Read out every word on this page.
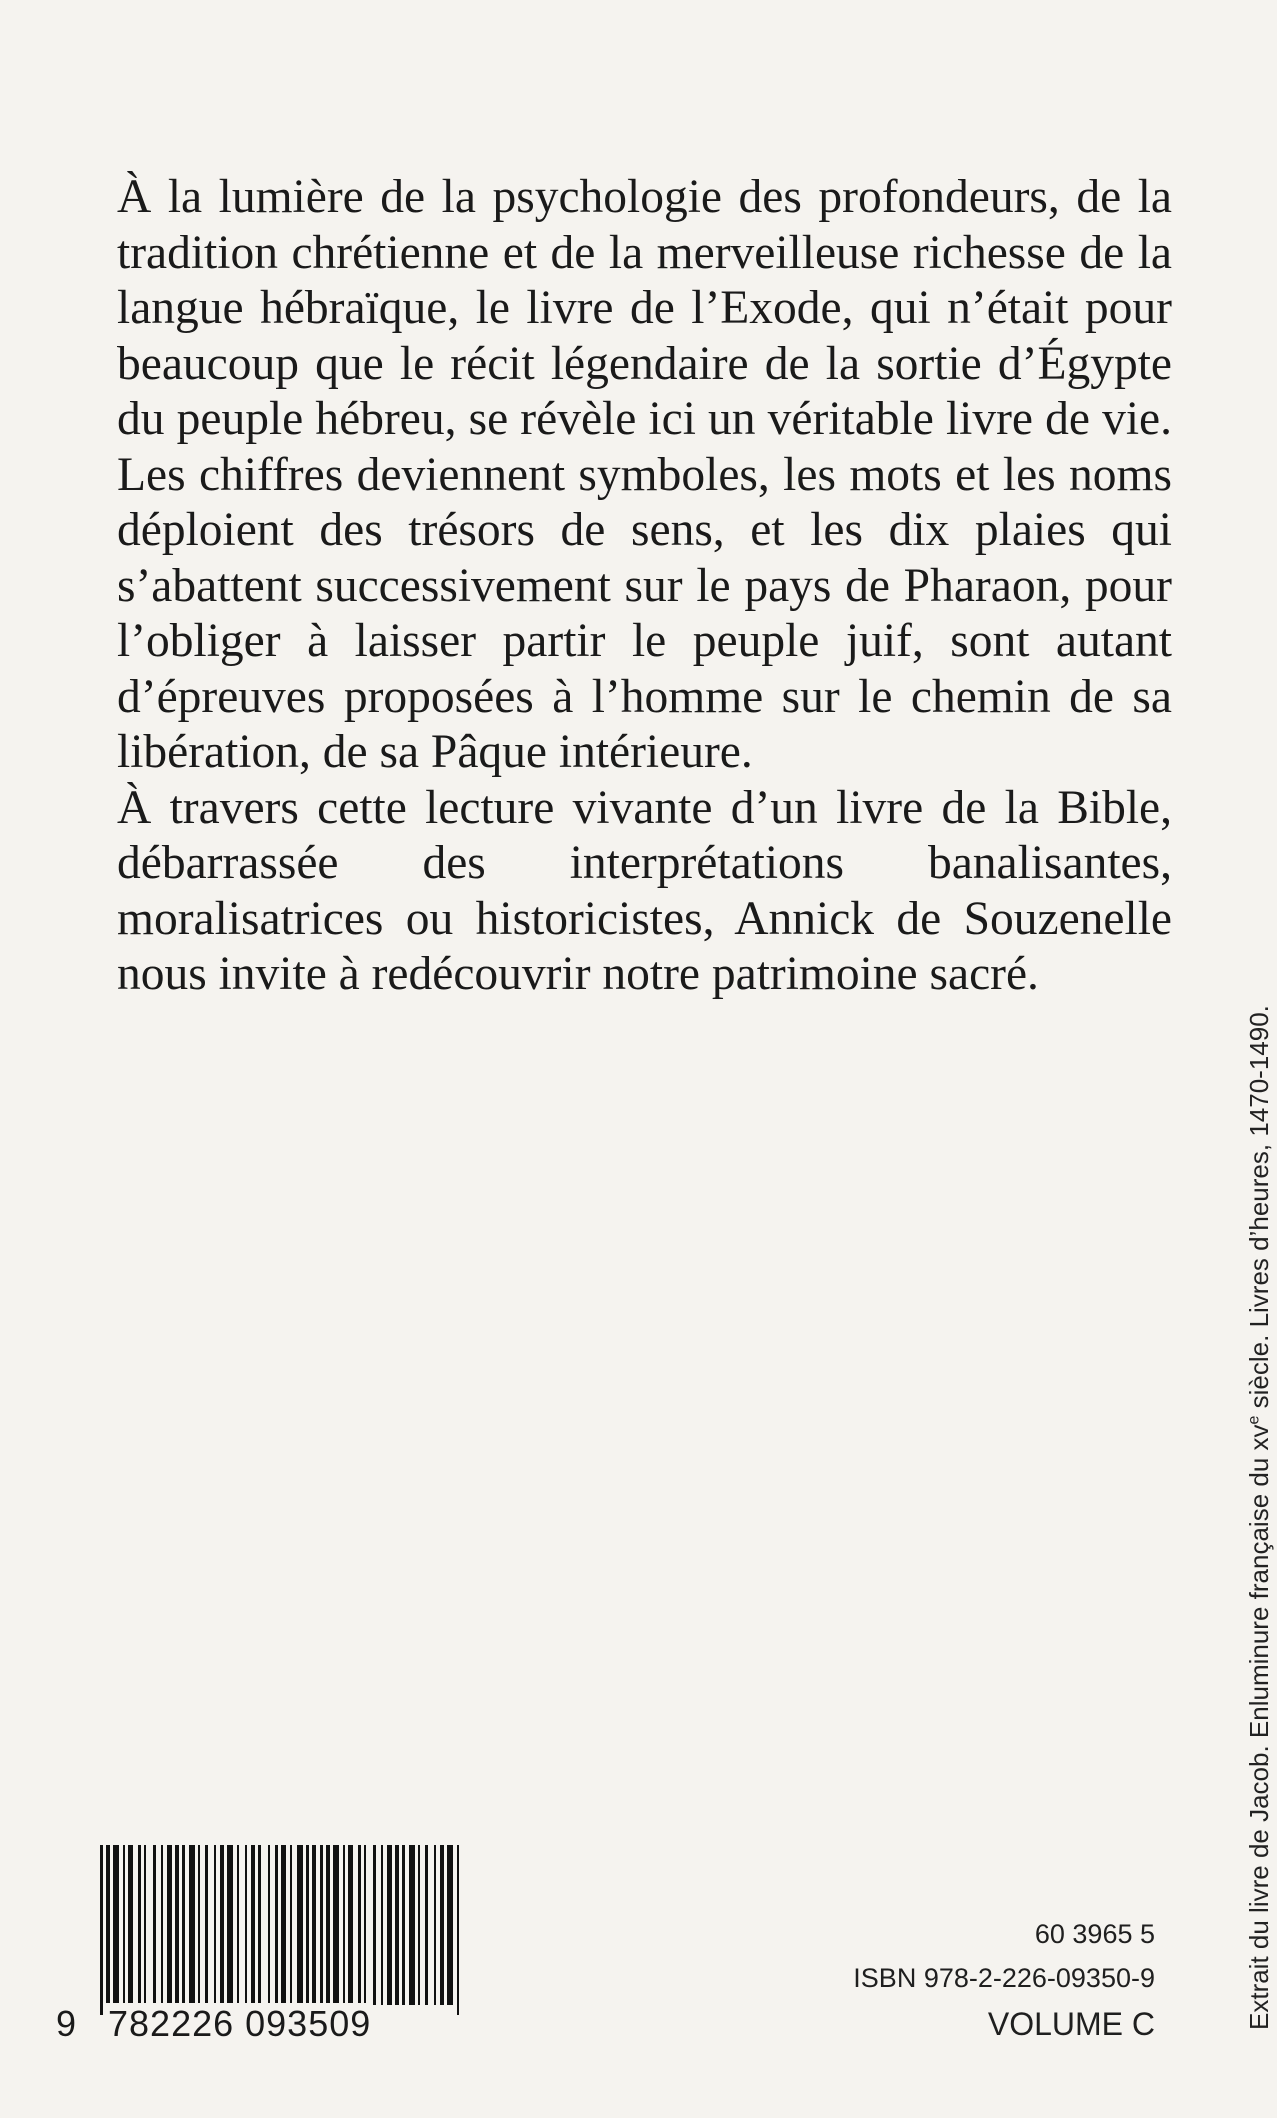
À la lumière de la psychologie des profondeurs, de la tradition chrétienne et de la merveilleuse richesse de la langue hébraïque, le livre de l’Exode, qui n’était pour beaucoup que le récit légendaire de la sortie d’Égypte du peuple hébreu, se révèle ici un véritable livre de vie. Les chiffres deviennent symboles, les mots et les noms déploient des trésors de sens, et les dix plaies qui s’abattent successivement sur le pays de Pharaon, pour l’obliger à laisser partir le peuple juif, sont autant d’épreuves proposées à l’homme sur le chemin de sa libération, de sa Pâque intérieure.

À travers cette lecture vivante d’un livre de la Bible, débarrassée des interprétations banalisantes, moralisatrices ou historicistes, Annick de Souzenelle nous invite à redécouvrir notre patrimoine sacré.

Extrait du livre de Jacob. Enluminure française du $xv^e$ siècle. Livres d’heures, 1470-1490.
9 782226 093509
60 3965 5
ISBN 978-2-226-09350-9
VOLUME C
